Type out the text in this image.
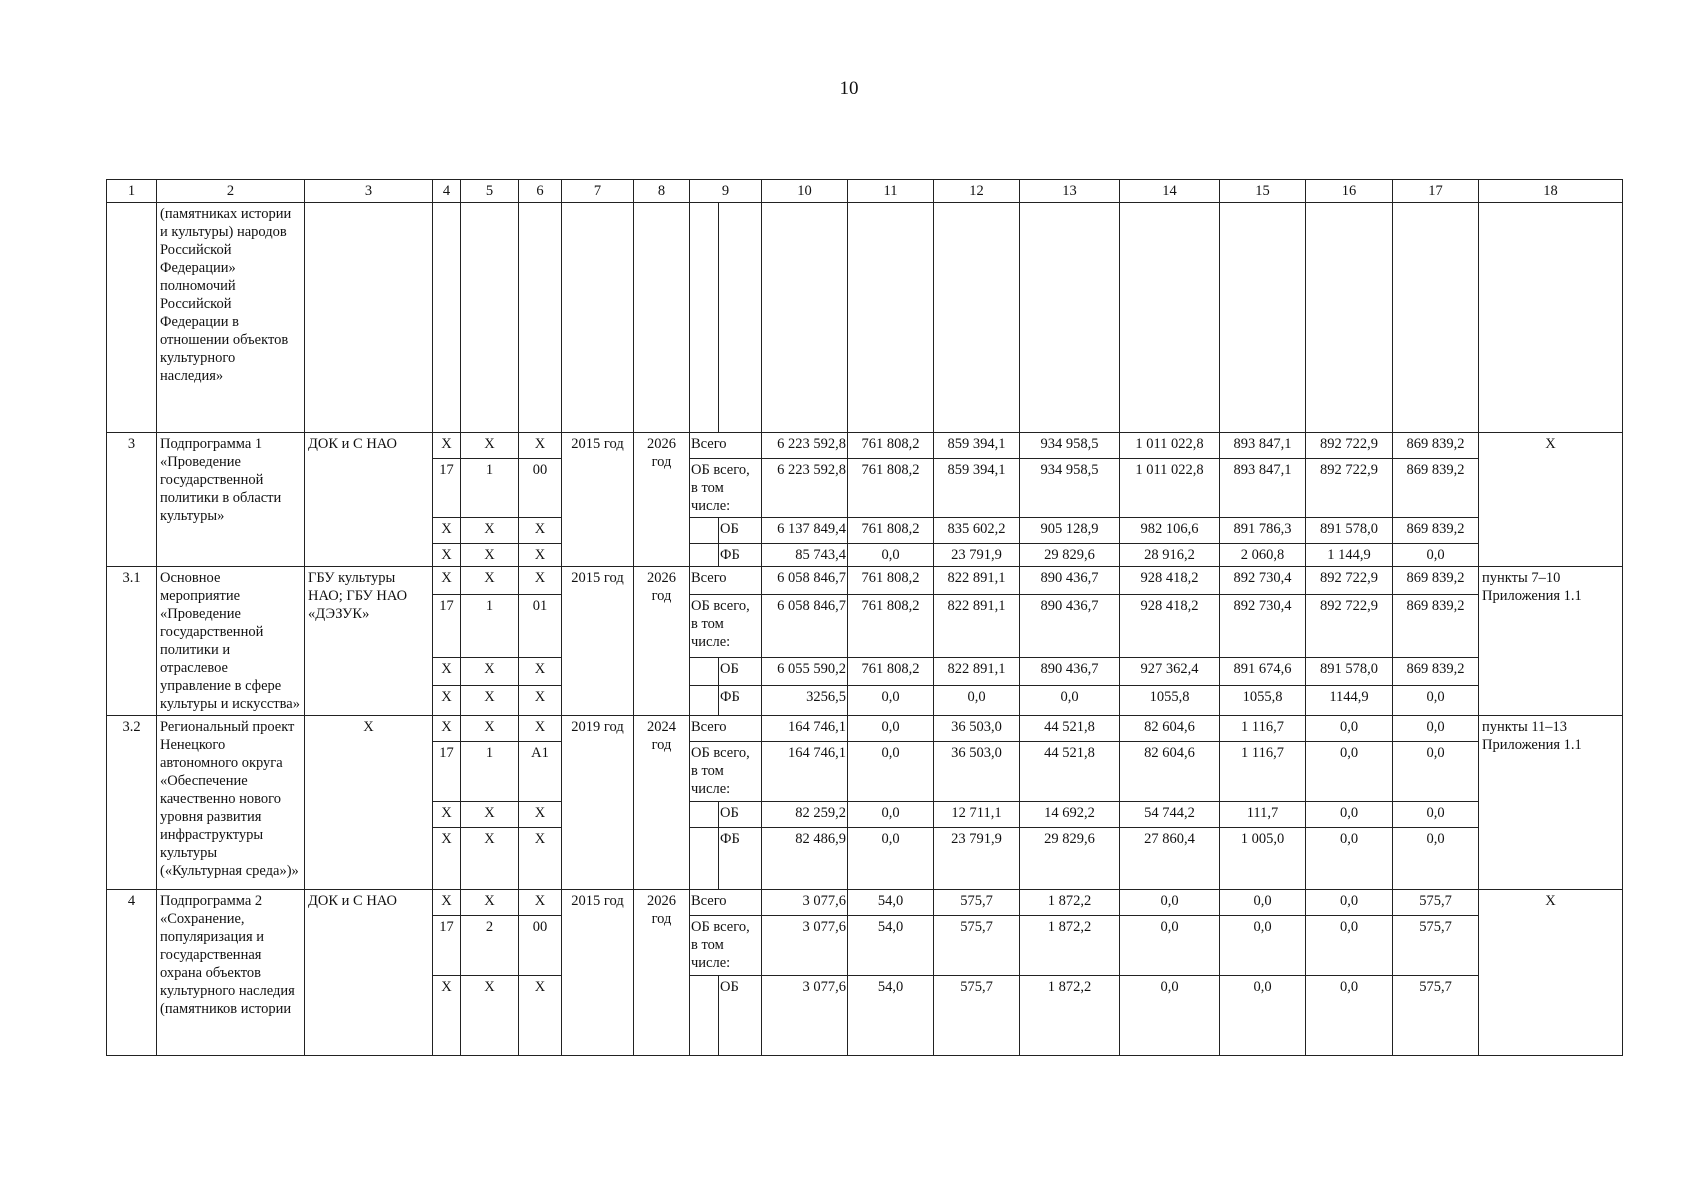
10
1	2	3	4	5	6	7	8	9		10	11	12	13	14	15	16	17	18
	(памятниках истории и культуры) народов Российской Федерации» полномочий Российской Федерации в отношении объектов культурного наследия»																	
3	Подпрограмма 1 «Проведение государственной политики в области культуры»	ДОК и С НАО	Х	Х	Х	2015 год	2026 год	Всего		6 223 592,8	761 808,2	859 394,1	934 958,5	1 011 022,8	893 847,1	892 722,9	869 839,2	Х
			17	1	00			ОБ всего, в том числе:		6 223 592,8	761 808,2	859 394,1	934 958,5	1 011 022,8	893 847,1	892 722,9	869 839,2	
			Х	Х	Х				ОБ	6 137 849,4	761 808,2	835 602,2	905 128,9	982 106,6	891 786,3	891 578,0	869 839,2	
			Х	Х	Х				ФБ	85 743,4	0,0	23 791,9	29 829,6	28 916,2	2 060,8	1 144,9	0,0	
3.1	Основное мероприятие «Проведение государственной политики и отраслевое управление в сфере культуры и искусства»	ГБУ культуры НАО; ГБУ НАО «ДЭЗУК»	Х	Х	Х	2015 год	2026 год	Всего		6 058 846,7	761 808,2	822 891,1	890 436,7	928 418,2	892 730,4	892 722,9	869 839,2	пункты 7–10 Приложения 1.1
			17	1	01			ОБ всего, в том числе:		6 058 846,7	761 808,2	822 891,1	890 436,7	928 418,2	892 730,4	892 722,9	869 839,2	
			Х	Х	Х				ОБ	6 055 590,2	761 808,2	822 891,1	890 436,7	927 362,4	891 674,6	891 578,0	869 839,2	
			Х	Х	Х				ФБ	3256,5	0,0	0,0	0,0	1055,8	1055,8	1144,9	0,0	
3.2	Региональный проект Ненецкого автономного округа «Обеспечение качественно нового уровня развития инфраструктуры культуры («Культурная среда»)»	Х	Х	Х	Х	2019 год	2024 год	Всего		164 746,1	0,0	36 503,0	44 521,8	82 604,6	1 116,7	0,0	0,0	пункты 11–13 Приложения 1.1
			17	1	А1			ОБ всего, в том числе:		164 746,1	0,0	36 503,0	44 521,8	82 604,6	1 116,7	0,0	0,0	
			Х	Х	Х				ОБ	82 259,2	0,0	12 711,1	14 692,2	54 744,2	111,7	0,0	0,0	
			Х	Х	Х				ФБ	82 486,9	0,0	23 791,9	29 829,6	27 860,4	1 005,0	0,0	0,0	
4	Подпрограмма 2 «Сохранение, популяризация и государственная охрана объектов культурного наследия (памятников истории	ДОК и С НАО	Х	Х	Х	2015 год	2026 год	Всего		3 077,6	54,0	575,7	1 872,2	0,0	0,0	0,0	575,7	Х
			17	2	00			ОБ всего, в том числе:		3 077,6	54,0	575,7	1 872,2	0,0	0,0	0,0	575,7	
			Х	Х	Х				ОБ	3 077,6	54,0	575,7	1 872,2	0,0	0,0	0,0	575,7	
